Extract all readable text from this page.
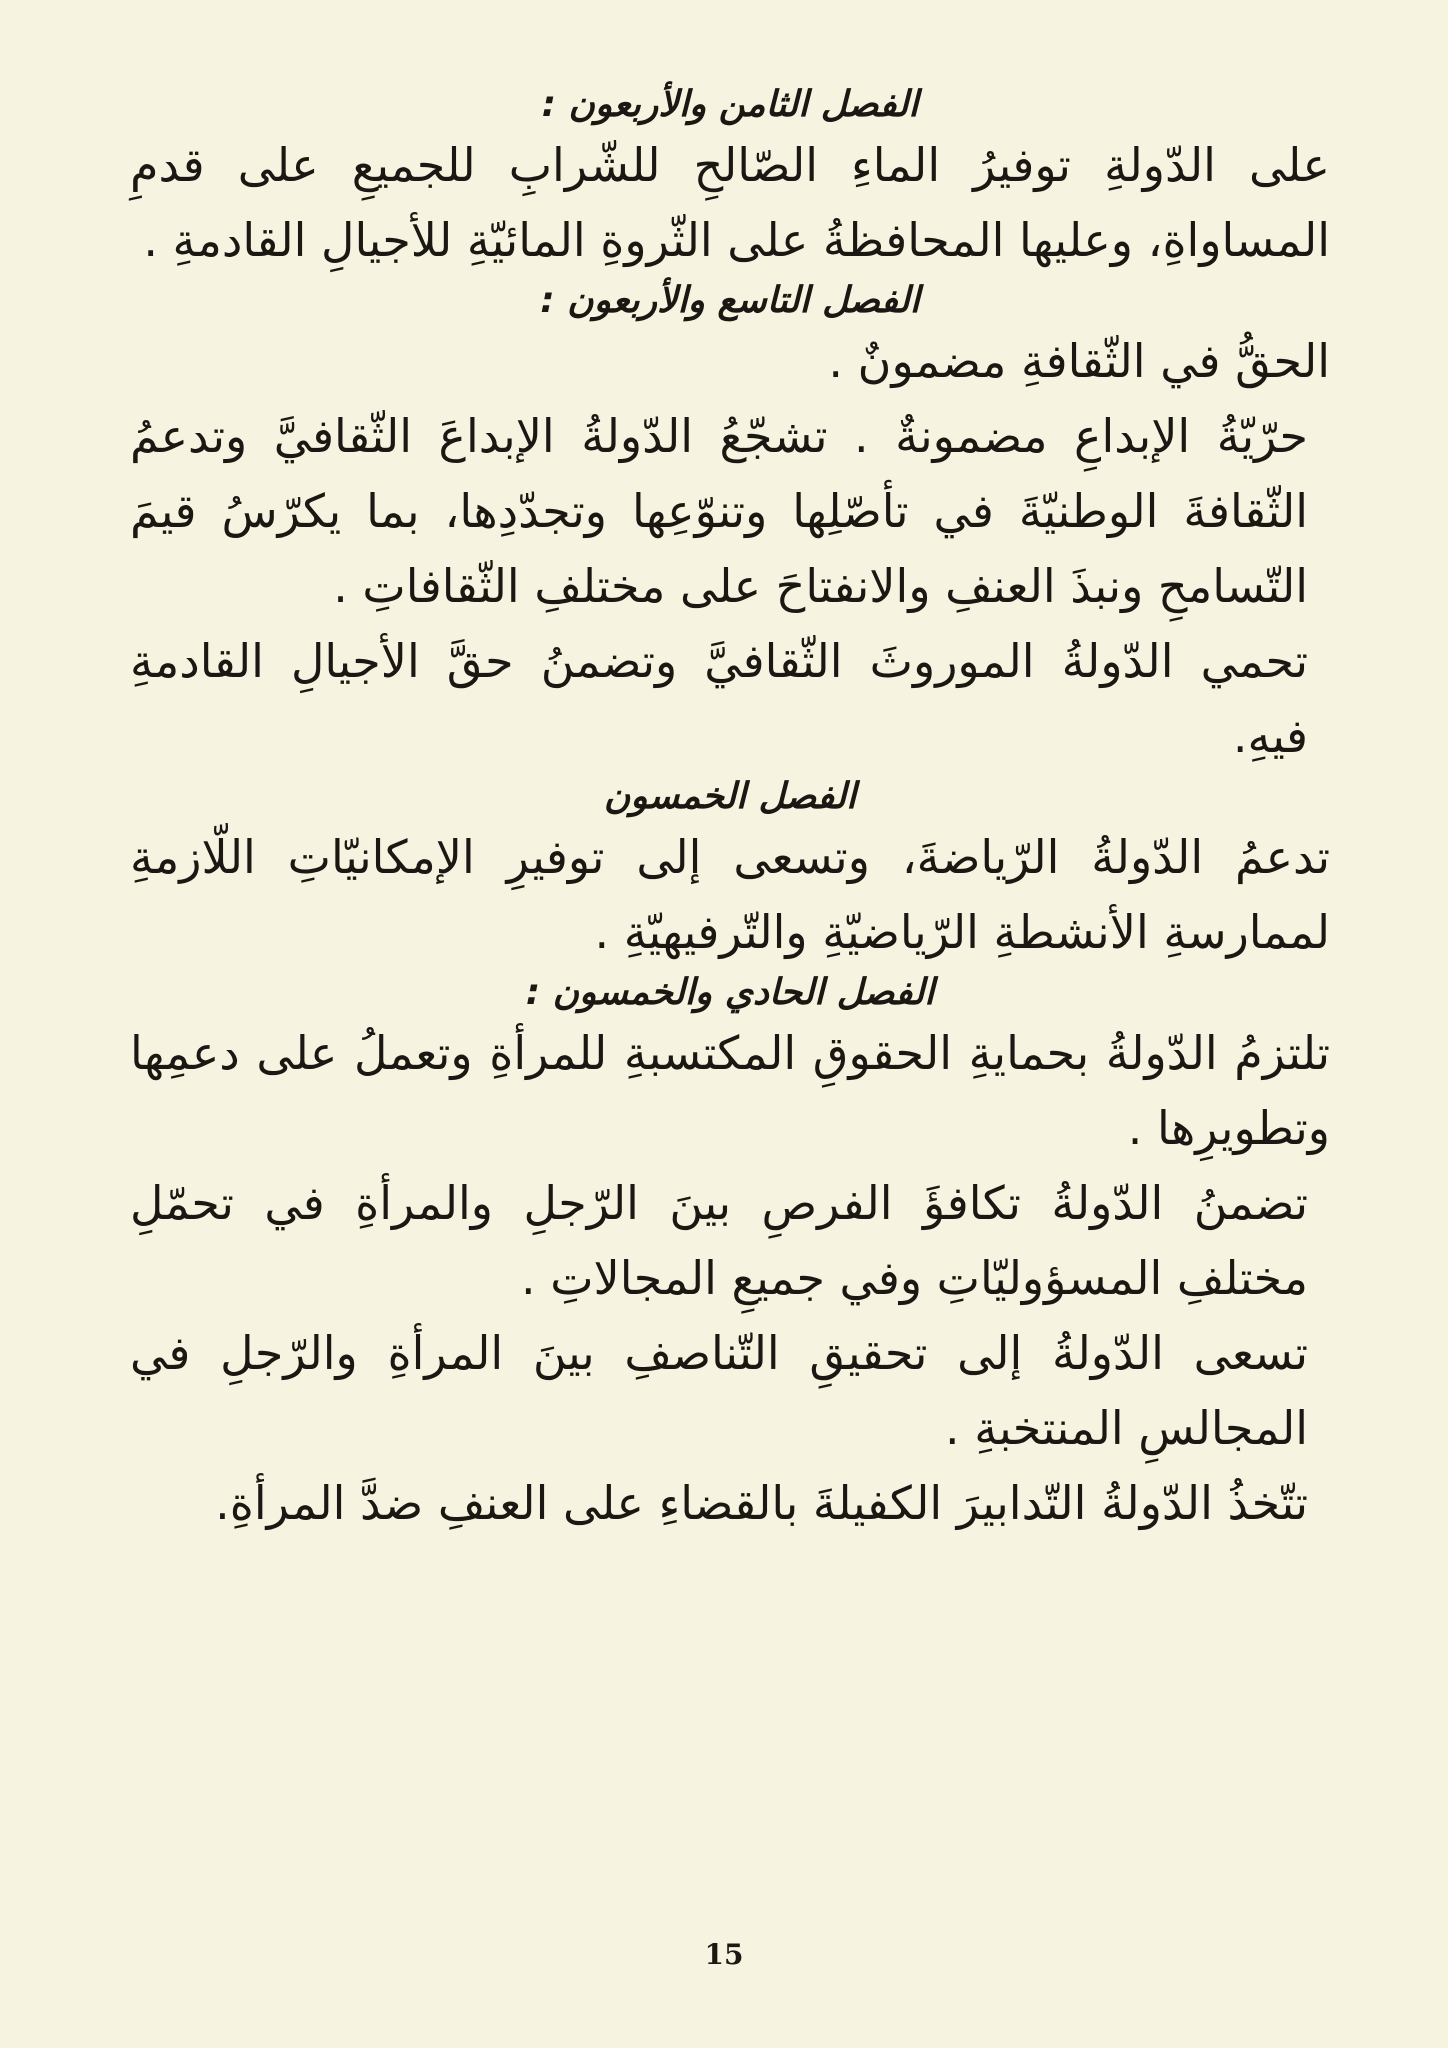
الفصل الثامن والأربعون :

على الدّولةِ توفيرُ الماءِ الصّالحِ للشّرابِ للجميعِ على قدمِ المساواةِ، وعليها المحافظةُ على الثّروةِ المائيّةِ للأجيالِ القادمةِ .

الفصل التاسع والأربعون :

الحقُّ في الثّقافةِ مضمونٌ .

حرّيّةُ الإبداعِ مضمونةٌ . تشجّعُ الدّولةُ الإبداعَ الثّقافيَّ وتدعمُ الثّقافةَ الوطنيّةَ في تأصّلِها وتنوّعِها وتجدّدِها، بما يكرّسُ قيمَ التّسامحِ ونبذَ العنفِ والانفتاحَ على مختلفِ الثّقافاتِ .

تحمي الدّولةُ الموروثَ الثّقافيَّ وتضمنُ حقَّ الأجيالِ القادمةِ فيهِ.

الفصل الخمسون

تدعمُ الدّولةُ الرّياضةَ، وتسعى إلى توفيرِ الإمكانيّاتِ اللّازمةِ لممارسةِ الأنشطةِ الرّياضيّةِ والتّرفيهيّةِ .

الفصل الحادي والخمسون :

تلتزمُ الدّولةُ بحمايةِ الحقوقِ المكتسبةِ للمرأةِ وتعملُ على دعمِها وتطويرِها .

تضمنُ الدّولةُ تكافؤَ الفرصِ بينَ الرّجلِ والمرأةِ في تحمّلِ مختلفِ المسؤوليّاتِ وفي جميعِ المجالاتِ .

تسعى الدّولةُ إلى تحقيقِ التّناصفِ بينَ المرأةِ والرّجلِ في المجالسِ المنتخبةِ .

تتّخذُ الدّولةُ التّدابيرَ الكفيلةَ بالقضاءِ على العنفِ ضدَّ المرأةِ.

15
